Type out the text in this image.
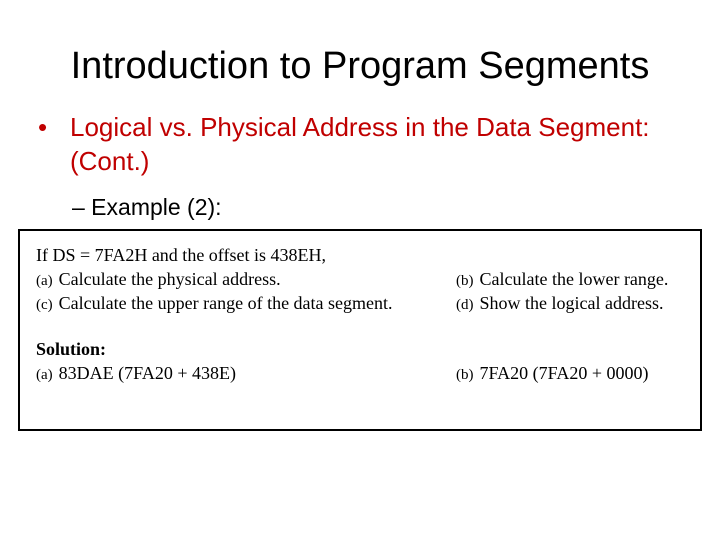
Introduction to Program Segments
• Logical vs. Physical Address in the Data Segment: (Cont.)
– Example (2):
If DS = 7FA2H and the offset is 438EH,
(a) Calculate the physical address.	(b) Calculate the lower range.
(c) Calculate the upper range of the data segment.	(d) Show the logical address.
Solution:
(a) 83DAE (7FA20 + 438E)	(b) 7FA20 (7FA20 + 0000)
